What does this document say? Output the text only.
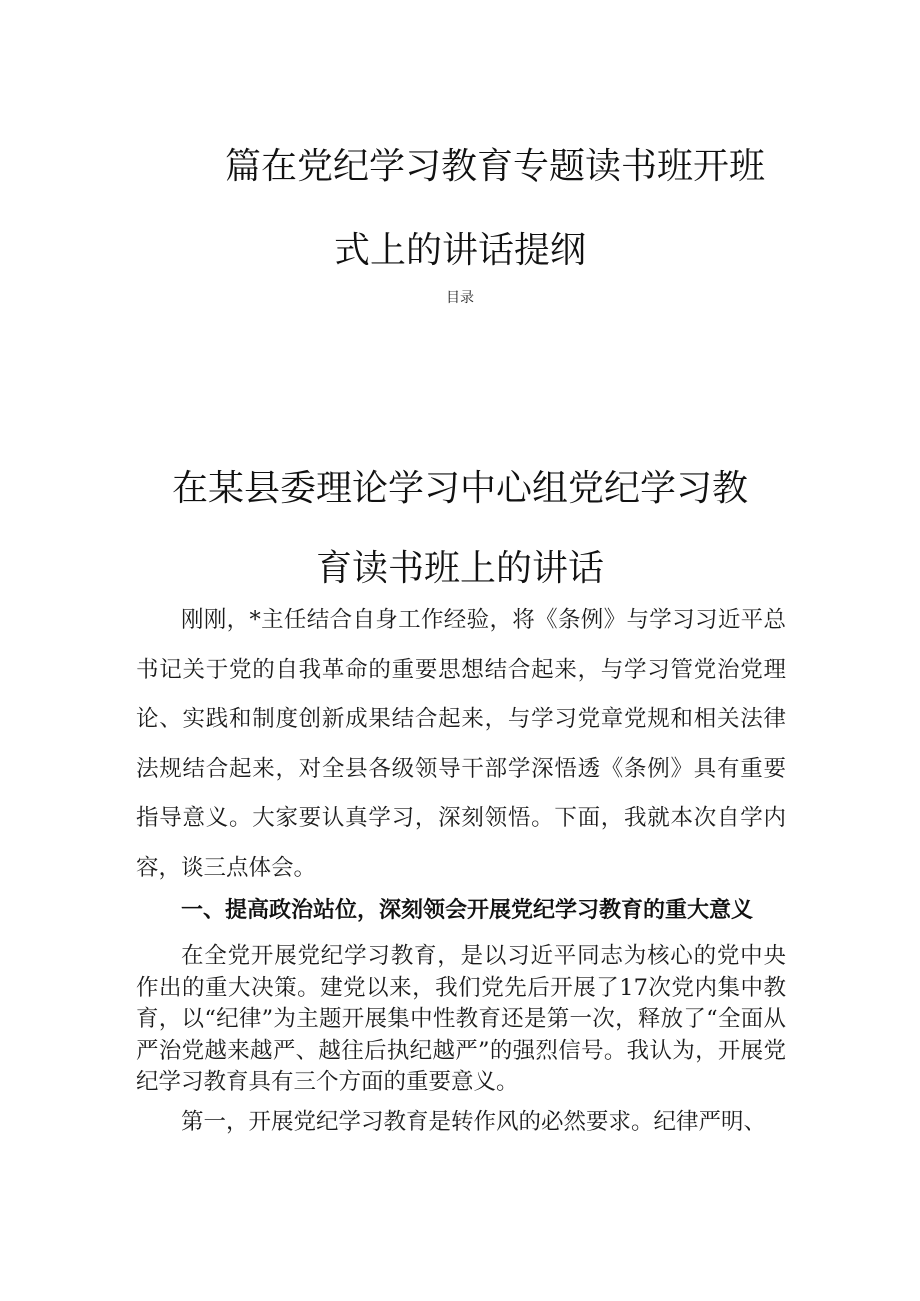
篇在党纪学习教育专题读书班开班
式上的讲话提纲
目录
在某县委理论学习中心组党纪学习教
育读书班上的讲话

刚刚，*主任结合自身工作经验，将《条例》与学习习近平总书记关于党的自我革命的重要思想结合起来，与学习管党治党理论、实践和制度创新成果结合起来，与学习党章党规和相关法律法规结合起来，对全县各级领导干部学深悟透《条例》具有重要指导意义。大家要认真学习，深刻领悟。下面，我就本次自学内容，谈三点体会。

一、提高政治站位，深刻领会开展党纪学习教育的重大意义

在全党开展党纪学习教育，是以习近平同志为核心的党中央作出的重大决策。建党以来，我们党先后开展了17次党内集中教育，以“纪律”为主题开展集中性教育还是第一次，释放了“全面从严治党越来越严、越往后执纪越严”的强烈信号。我认为，开展党纪学习教育具有三个方面的重要意义。

第一，开展党纪学习教育是转作风的必然要求。纪律严明、
